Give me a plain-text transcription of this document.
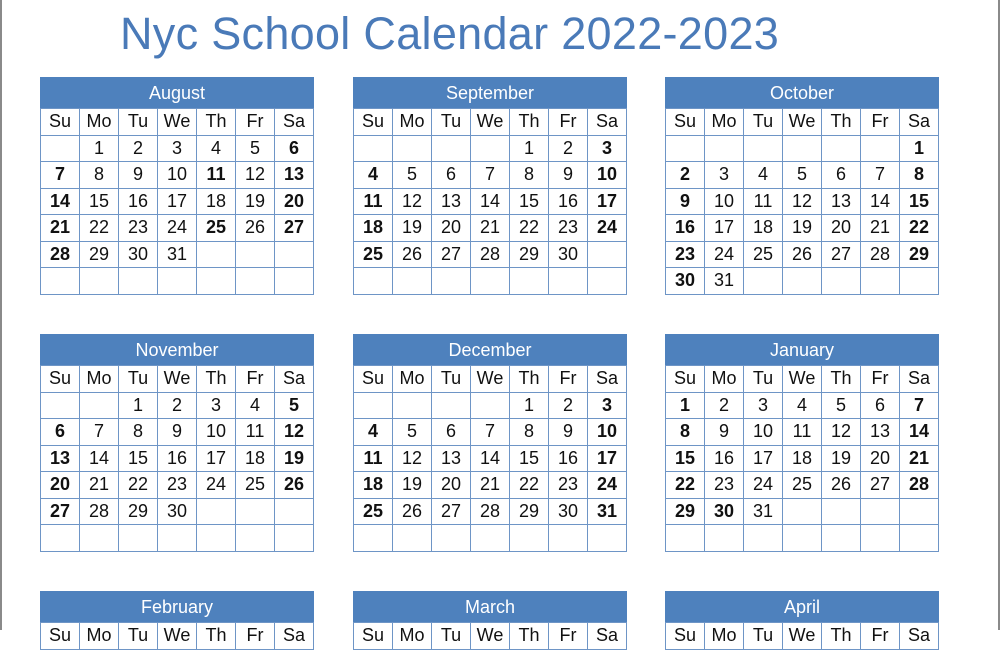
Nyc School Calendar 2022-2023
August
Su	Mo	Tu	We	Th	Fr	Sa
	1	2	3	4	5	6
7	8	9	10	11	12	13
14	15	16	17	18	19	20
21	22	23	24	25	26	27
28	29	30	31			

September
Su	Mo	Tu	We	Th	Fr	Sa
				1	2	3
4	5	6	7	8	9	10
11	12	13	14	15	16	17
18	19	20	21	22	23	24
25	26	27	28	29	30	

October
Su	Mo	Tu	We	Th	Fr	Sa
						1
2	3	4	5	6	7	8
9	10	11	12	13	14	15
16	17	18	19	20	21	22
23	24	25	26	27	28	29
30	31					
November
Su	Mo	Tu	We	Th	Fr	Sa
		1	2	3	4	5
6	7	8	9	10	11	12
13	14	15	16	17	18	19
20	21	22	23	24	25	26
27	28	29	30			

December
Su	Mo	Tu	We	Th	Fr	Sa
				1	2	3
4	5	6	7	8	9	10
11	12	13	14	15	16	17
18	19	20	21	22	23	24
25	26	27	28	29	30	31

January
Su	Mo	Tu	We	Th	Fr	Sa
1	2	3	4	5	6	7
8	9	10	11	12	13	14
15	16	17	18	19	20	21
22	23	24	25	26	27	28
29	30	31				

February
Su	Mo	Tu	We	Th	Fr	Sa
March
Su	Mo	Tu	We	Th	Fr	Sa
April
Su	Mo	Tu	We	Th	Fr	Sa
